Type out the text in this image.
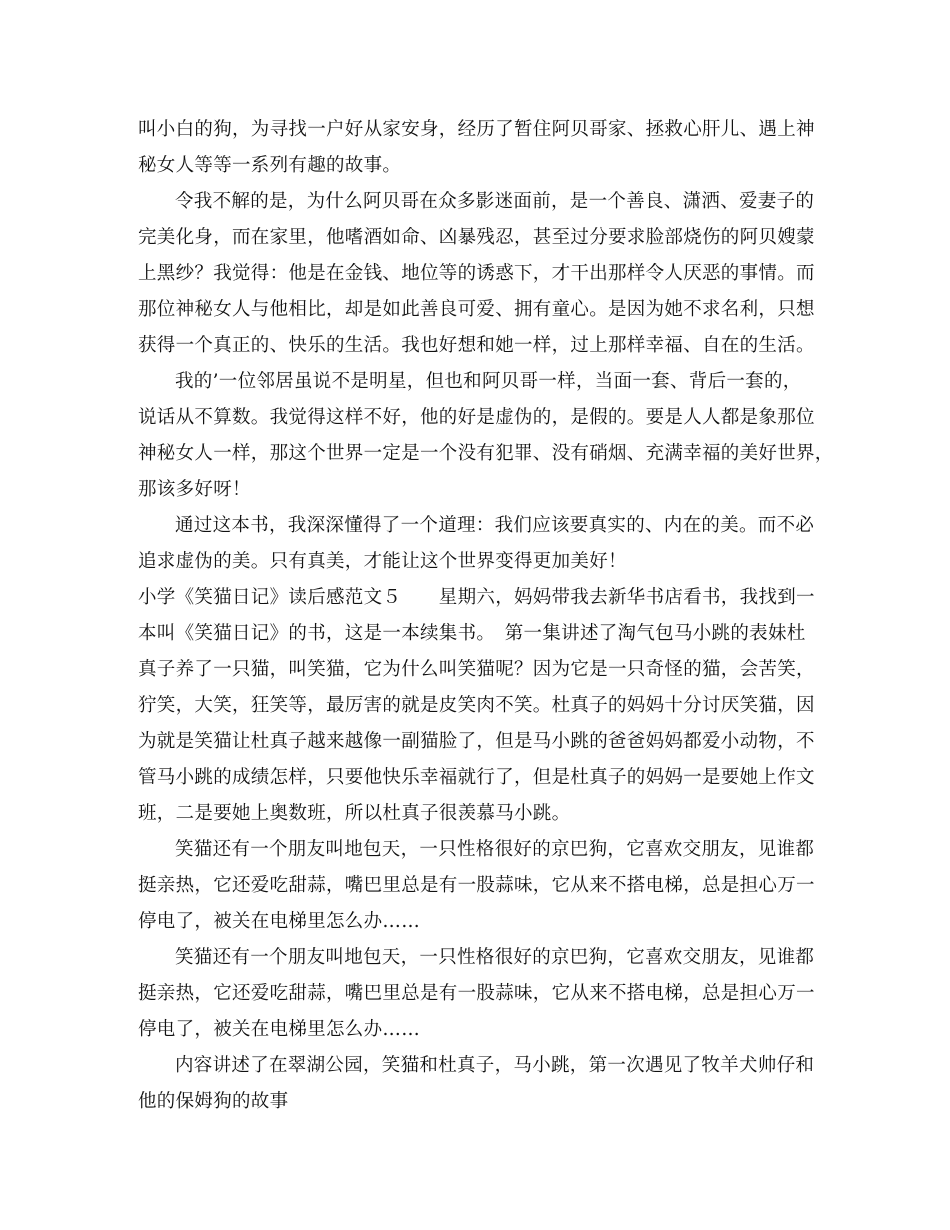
叫小白的狗，为寻找一户好从家安身，经历了暂住阿贝哥家、拯救心肝儿、遇上神
秘女人等等一系列有趣的故事。
令我不解的是，为什么阿贝哥在众多影迷面前，是一个善良、潇洒、爱妻子的
完美化身，而在家里，他嗜酒如命、凶暴残忍，甚至过分要求脸部烧伤的阿贝嫂蒙
上黑纱？我觉得：他是在金钱、地位等的诱惑下，才干出那样令人厌恶的事情。而
那位神秘女人与他相比，却是如此善良可爱、拥有童心。是因为她不求名利，只想
获得一个真正的、快乐的生活。我也好想和她一样，过上那样幸福、自在的生活。
我的’一位邻居虽说不是明星，但也和阿贝哥一样，当面一套、背后一套的，
说话从不算数。我觉得这样不好，他的好是虚伪的，是假的。要是人人都是象那位
神秘女人一样，那这个世界一定是一个没有犯罪、没有硝烟、充满幸福的美好世界，
那该多好呀！
通过这本书，我深深懂得了一个道理：我们应该要真实的、内在的美。而不必
追求虚伪的美。只有真美，才能让这个世界变得更加美好！
小学《笑猫日记》读后感范文５　　星期六，妈妈带我去新华书店看书，我找到一
本叫《笑猫日记》的书，这是一本续集书。　第一集讲述了淘气包马小跳的表妹杜
真子养了一只猫，叫笑猫，它为什么叫笑猫呢？因为它是一只奇怪的猫，会苦笑，
狞笑，大笑，狂笑等，最厉害的就是皮笑肉不笑。杜真子的妈妈十分讨厌笑猫，因
为就是笑猫让杜真子越来越像一副猫脸了，但是马小跳的爸爸妈妈都爱小动物，不
管马小跳的成绩怎样，只要他快乐幸福就行了，但是杜真子的妈妈一是要她上作文
班，二是要她上奥数班，所以杜真子很羡慕马小跳。
笑猫还有一个朋友叫地包天，一只性格很好的京巴狗，它喜欢交朋友，见谁都
挺亲热，它还爱吃甜蒜，嘴巴里总是有一股蒜味，它从来不搭电梯，总是担心万一
停电了，被关在电梯里怎么办……
笑猫还有一个朋友叫地包天，一只性格很好的京巴狗，它喜欢交朋友，见谁都
挺亲热，它还爱吃甜蒜，嘴巴里总是有一股蒜味，它从来不搭电梯，总是担心万一
停电了，被关在电梯里怎么办……
内容讲述了在翠湖公园，笑猫和杜真子，马小跳，第一次遇见了牧羊犬帅仔和
他的保姆狗的故事
